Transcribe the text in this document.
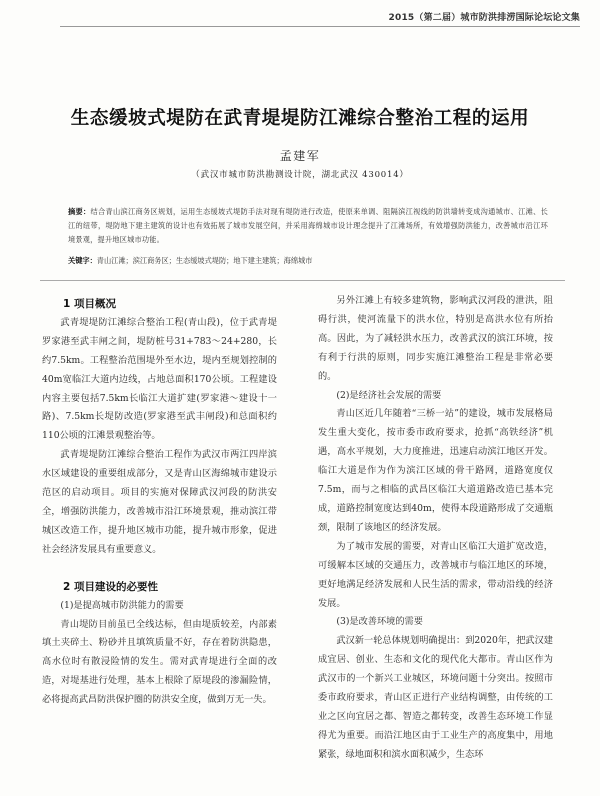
2015（第二届）城市防洪排涝国际论坛论文集
生态缓坡式堤防在武青堤堤防江滩综合整治工程的运用
孟建军
（武汉市城市防洪勘测设计院，湖北武汉 430014）
摘要：结合青山滨江商务区规划，运用生态缓坡式堤防手法对现有堤防进行改造，使原来单调、阻隔滨江视线的防洪墙转变成沟通城市、江滩、长江的纽带，堤防地下建主建筑的设计也有效拓展了城市发展空间，并采用海绵城市设计理念提升了江滩场所，有效增强防洪能力，改善城市沿江环境景观，提升地区城市功能。
关键字：青山江滩；滨江商务区；生态缓坡式堤防；地下建主建筑；海绵城市

1 项目概况

武青堤堤防江滩综合整治工程(青山段)，位于武青堤罗家港至武丰闸之间，堤防桩号31+783～24+280，长约7.5km。工程整治范围堤外至水边，堤内至规划控制的40m宽临江大道内边线，占地总面积170公顷。工程建设内容主要包括7.5km长临江大道扩建(罗家港～建设十一路)、7.5km长堤防改造(罗家港至武丰闸段)和总面积约110公顷的江滩景观整治等。

武青堤堤防江滩综合整治工程作为武汉市两江四岸滨水区域建设的重要组成部分，又是青山区海绵城市建设示范区的启动项目。项目的实施对保障武汉河段的防洪安全，增强防洪能力，改善城市沿江环境景观，推动滨江带城区改造工作，提升地区城市功能，提升城市形象，促进社会经济发展具有重要意义。

2 项目建设的必要性

(1)是提高城市防洪能力的需要

青山堤防目前虽已全线达标，但由堤质较差，内部素填土夹碎土、粉砂并且填筑质量不好，存在着防洪隐患，高水位时有散浸险情的发生。需对武青堤进行全面的改造，对堤基进行处理，基本上根除了原堤段的渗漏险情，必将提高武昌防洪保护圈的防洪安全度，做到万无一失。

另外江滩上有较多建筑物，影响武汉河段的泄洪，阻碍行洪，使河流量下的洪水位，特别是高洪水位有所抬高。因此，为了减轻洪水压力，改善武汉的滨江环境，按有利于行洪的原则，同步实施江滩整治工程是非常必要的。

(2)是经济社会发展的需要

青山区近几年随着“三桥一站”的建设，城市发展格局发生重大变化，按市委市政府要求，抢抓“高铁经济”机遇，高水平规划，大力度推进，迅速启动滨江地区开发。临江大道是作为作为滨江区域的骨干路网，道路宽度仅7.5m，而与之相临的武昌区临江大道道路改造已基本完成，道路控制宽度达到40m，使得本段道路形成了交通瓶颈，限制了该地区的经济发展。

为了城市发展的需要，对青山区临江大道扩宽改造，可缓解本区域的交通压力，改善城市与临江地区的环境，更好地满足经济发展和人民生活的需求，带动沿线的经济发展。

(3)是改善环境的需要

武汉新一轮总体规划明确提出：到2020年，把武汉建成宜居、创业、生态和文化的现代化大都市。青山区作为武汉市的一个新兴工业城区，环境问题十分突出。按照市委市政府要求，青山区正进行产业结构调整，由传统的工业之区向宜居之都、智造之都转变，改善生态环境工作显得尤为重要。而沿江地区由于工业生产的高度集中，用地紧张，绿地面积和滨水面积减少，生态环
